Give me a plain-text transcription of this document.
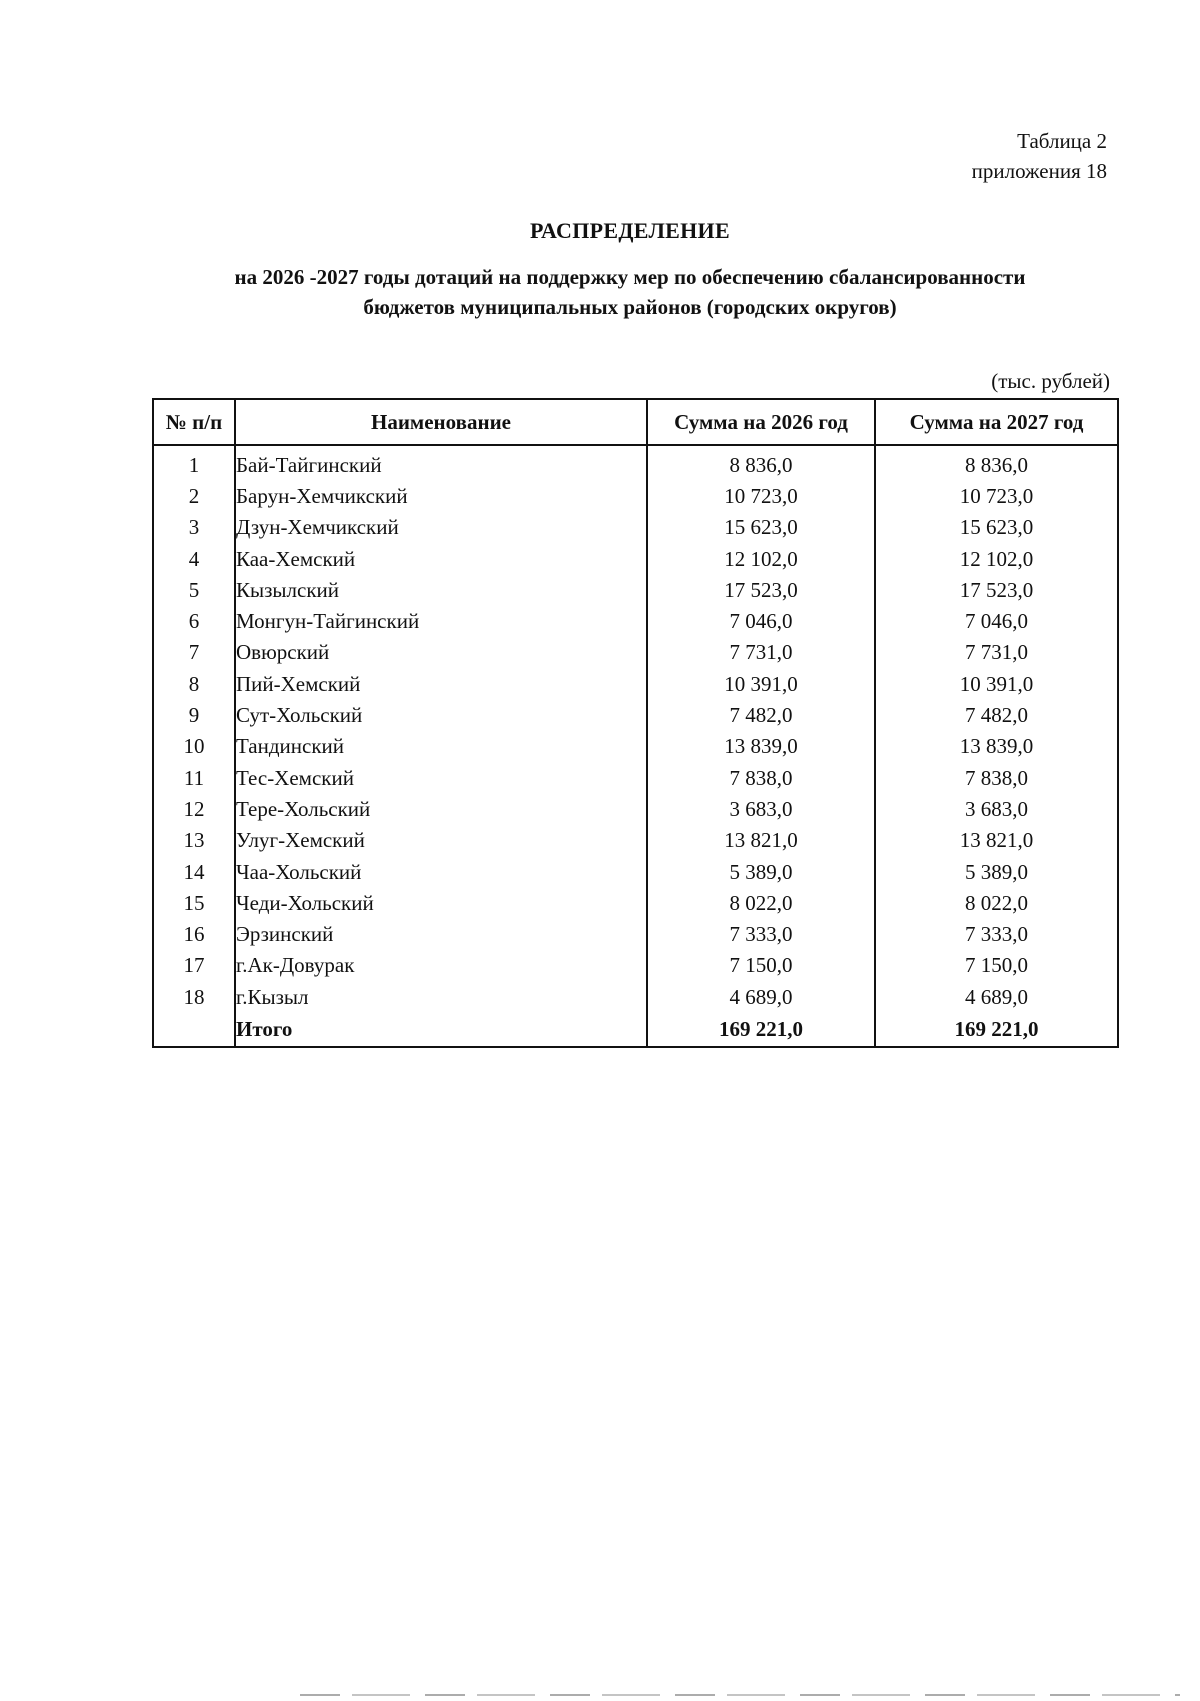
Таблица 2
приложения 18
РАСПРЕДЕЛЕНИЕ
на 2026 -2027 годы дотаций на поддержку мер по обеспечению сбалансированности
бюджетов муниципальных районов (городских округов)
(тыс. рублей)
№ п/п	Наименование	Сумма на 2026 год	Сумма на 2027 год
1	Бай-Тайгинский	8 836,0	8 836,0
2	Барун-Хемчикский	10 723,0	10 723,0
3	Дзун-Хемчикский	15 623,0	15 623,0
4	Каа-Хемский	12 102,0	12 102,0
5	Кызылский	17 523,0	17 523,0
6	Монгун-Тайгинский	7 046,0	7 046,0
7	Овюрский	7 731,0	7 731,0
8	Пий-Хемский	10 391,0	10 391,0
9	Сут-Хольский	7 482,0	7 482,0
10	Тандинский	13 839,0	13 839,0
11	Тес-Хемский	7 838,0	7 838,0
12	Тере-Хольский	3 683,0	3 683,0
13	Улуг-Хемский	13 821,0	13 821,0
14	Чаа-Хольский	5 389,0	5 389,0
15	Чеди-Хольский	8 022,0	8 022,0
16	Эрзинский	7 333,0	7 333,0
17	г.Ак-Довурак	7 150,0	7 150,0
18	г.Кызыл	4 689,0	4 689,0
	Итого	169 221,0	169 221,0
